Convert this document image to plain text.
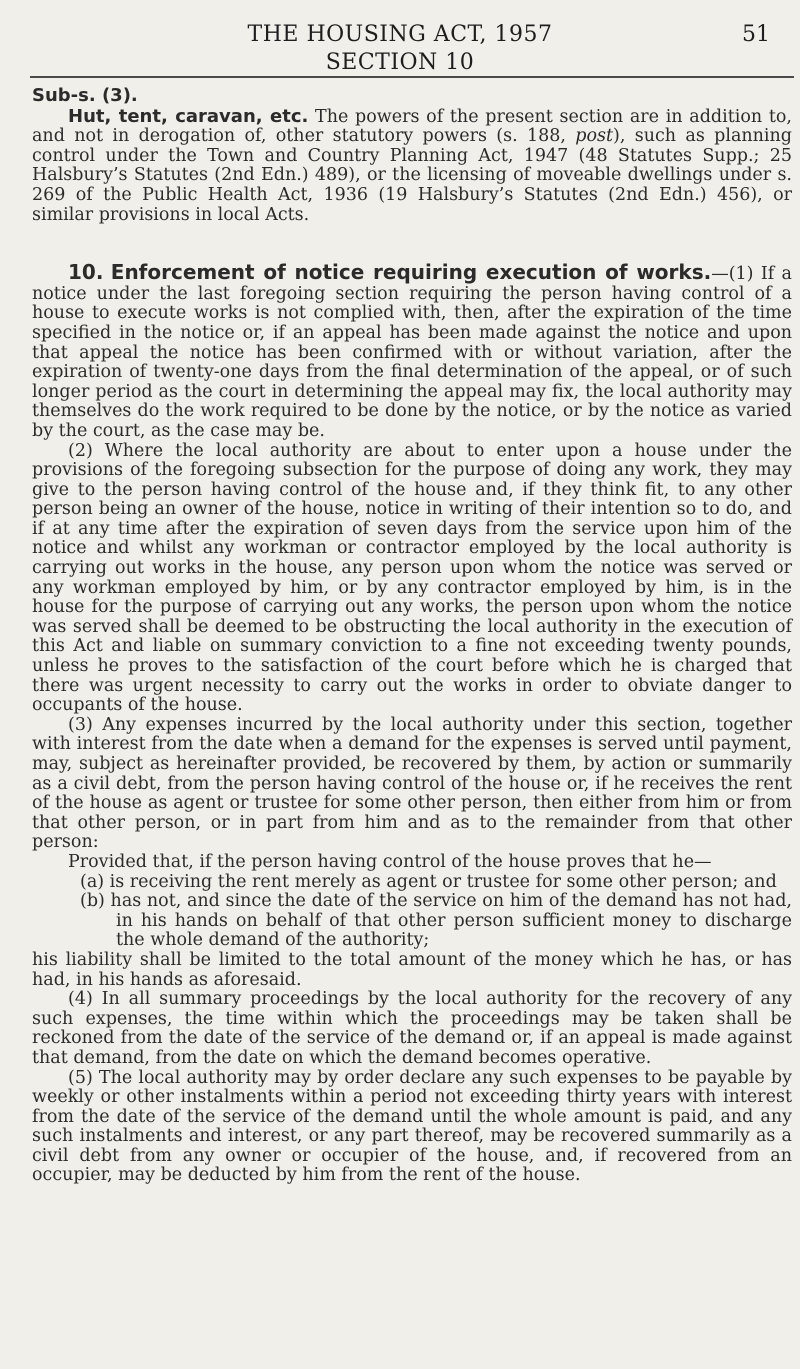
THE HOUSING ACT, 1957	51
SECTION 10

Sub-s. (3).

Hut, tent, caravan, etc. The powers of the present section are in addition to, and not in derogation of, other statutory powers (s. 188, post), such as planning control under the Town and Country Planning Act, 1947 (48 Statutes Supp.; 25 Halsbury’s Statutes (2nd Edn.) 489), or the licensing of moveable dwellings under s. 269 of the Public Health Act, 1936 (19 Halsbury’s Statutes (2nd Edn.) 456), or similar provisions in local Acts.

10. Enforcement of notice requiring execution of works.—(1) If a notice under the last foregoing section requiring the person having control of a house to execute works is not complied with, then, after the expiration of the time specified in the notice or, if an appeal has been made against the notice and upon that appeal the notice has been confirmed with or without variation, after the expiration of twenty-one days from the final determination of the appeal, or of such longer period as the court in determining the appeal may fix, the local authority may themselves do the work required to be done by the notice, or by the notice as varied by the court, as the case may be.

(2) Where the local authority are about to enter upon a house under the provisions of the foregoing subsection for the purpose of doing any work, they may give to the person having control of the house and, if they think fit, to any other person being an owner of the house, notice in writing of their intention so to do, and if at any time after the expiration of seven days from the service upon him of the notice and whilst any workman or contractor employed by the local authority is carrying out works in the house, any person upon whom the notice was served or any workman employed by him, or by any contractor employed by him, is in the house for the purpose of carrying out any works, the person upon whom the notice was served shall be deemed to be obstructing the local authority in the execution of this Act and liable on summary conviction to a fine not exceeding twenty pounds, unless he proves to the satisfaction of the court before which he is charged that there was urgent necessity to carry out the works in order to obviate danger to occupants of the house.

(3) Any expenses incurred by the local authority under this section, together with interest from the date when a demand for the expenses is served until payment, may, subject as hereinafter provided, be recovered by them, by action or summarily as a civil debt, from the person having control of the house or, if he receives the rent of the house as agent or trustee for some other person, then either from him or from that other person, or in part from him and as to the remainder from that other person:

Provided that, if the person having control of the house proves that he—

(a) is receiving the rent merely as agent or trustee for some other person; and

(b) has not, and since the date of the service on him of the demand has not had, in his hands on behalf of that other person sufficient money to discharge the whole demand of the authority;

his liability shall be limited to the total amount of the money which he has, or has had, in his hands as aforesaid.

(4) In all summary proceedings by the local authority for the recovery of any such expenses, the time within which the proceedings may be taken shall be reckoned from the date of the service of the demand or, if an appeal is made against that demand, from the date on which the demand becomes operative.

(5) The local authority may by order declare any such expenses to be payable by weekly or other instalments within a period not exceeding thirty years with interest from the date of the service of the demand until the whole amount is paid, and any such instalments and interest, or any part thereof, may be recovered summarily as a civil debt from any owner or occupier of the house, and, if recovered from an occupier, may be deducted by him from the rent of the house.
